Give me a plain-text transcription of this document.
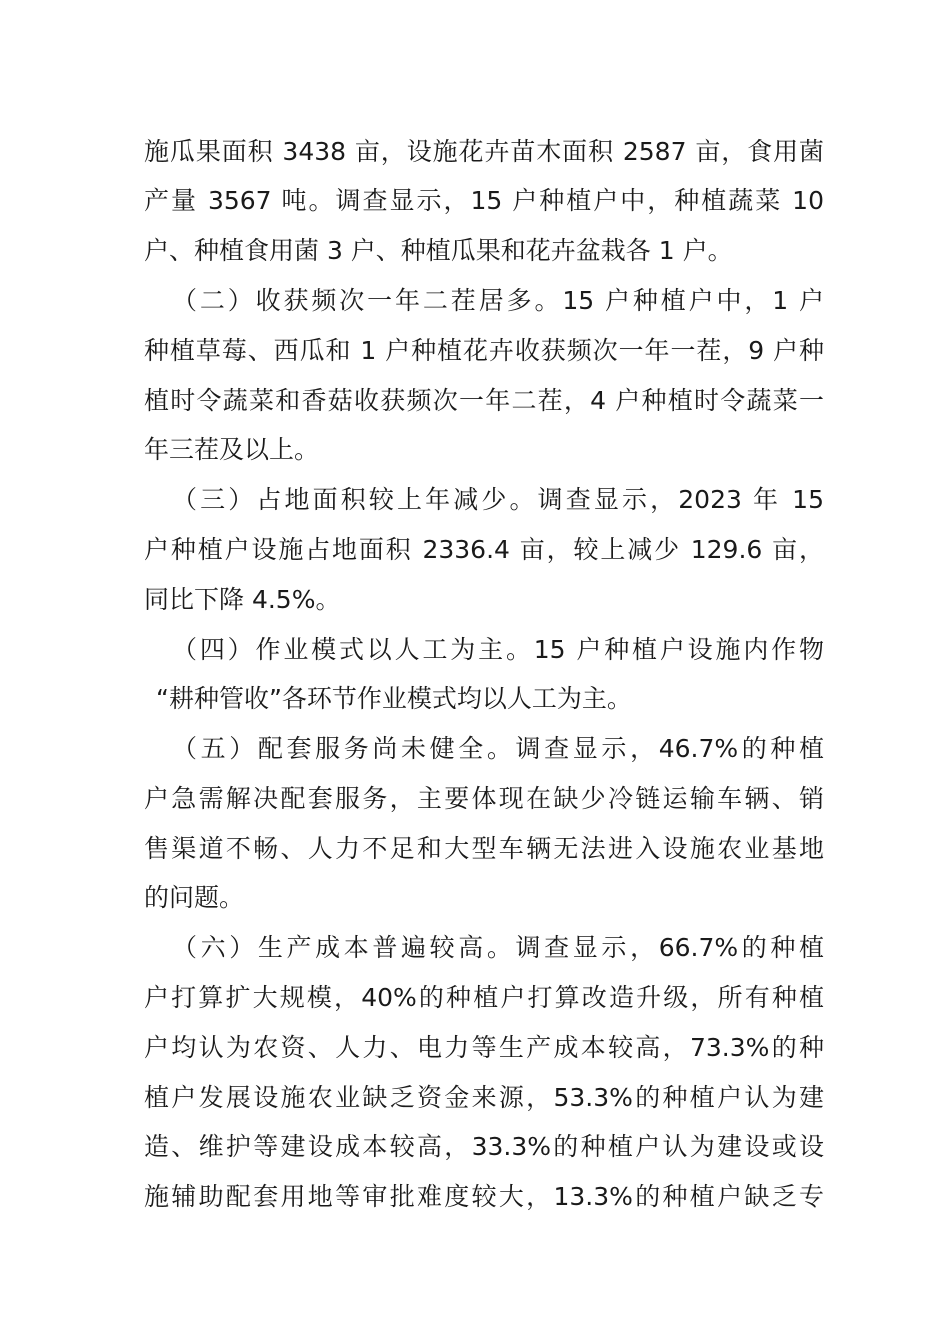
施瓜果面积 3438 亩，设施花卉苗木面积 2587 亩，食用菌
产量 3567 吨。调查显示，15 户种植户中，种植蔬菜 10
户、种植食用菌 3 户、种植瓜果和花卉盆栽各 1 户。
（二）收获频次一年二茬居多。15 户种植户中，1 户
种植草莓、西瓜和 1 户种植花卉收获频次一年一茬，9 户种
植时令蔬菜和香菇收获频次一年二茬，4 户种植时令蔬菜一
年三茬及以上。
（三）占地面积较上年减少。调查显示，2023 年 15
户种植户设施占地面积 2336.4 亩，较上减少 129.6 亩，
同比下降 4.5%。
（四）作业模式以人工为主。15 户种植户设施内作物
“耕种管收”各环节作业模式均以人工为主。
（五）配套服务尚未健全。调查显示，46.7%的种植
户急需解决配套服务，主要体现在缺少冷链运输车辆、销
售渠道不畅、人力不足和大型车辆无法进入设施农业基地
的问题。
（六）生产成本普遍较高。调查显示，66.7%的种植
户打算扩大规模，40%的种植户打算改造升级，所有种植
户均认为农资、人力、电力等生产成本较高，73.3%的种
植户发展设施农业缺乏资金来源，53.3%的种植户认为建
造、维护等建设成本较高，33.3%的种植户认为建设或设
施辅助配套用地等审批难度较大，13.3%的种植户缺乏专
